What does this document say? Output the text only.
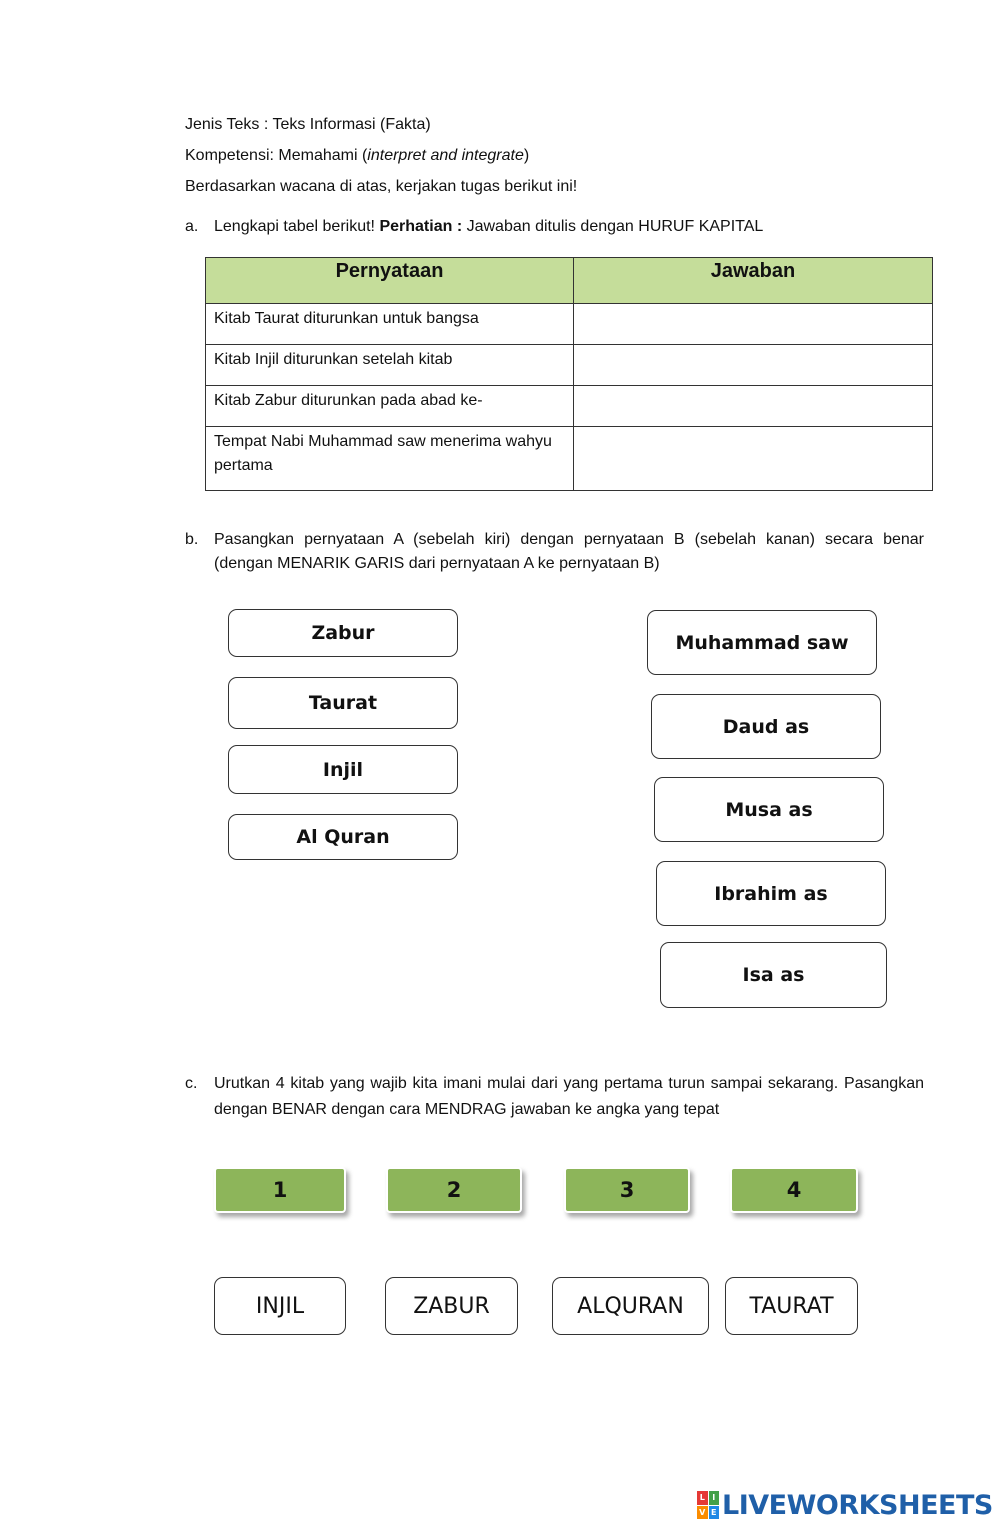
Jenis Teks : Teks Informasi (Fakta)
Kompetensi: Memahami (interpret and integrate)
Berdasarkan wacana di atas, kerjakan tugas berikut ini!
a. Lengkapi tabel berikut! Perhatian : Jawaban ditulis dengan HURUF KAPITAL
Pernyataan	Jawaban
Kitab Taurat diturunkan untuk bangsa	
Kitab Injil diturunkan setelah kitab	
Kitab Zabur diturunkan pada abad ke-	
Tempat Nabi Muhammad saw menerima wahyu pertama	
b. Pasangkan pernyataan A (sebelah kiri) dengan pernyataan B (sebelah kanan) secara benar (dengan MENARIK GARIS dari pernyataan A ke pernyataan B)
Zabur
Taurat
Injil
Al Quran
Muhammad saw
Daud as
Musa as
Ibrahim as
Isa as
c. Urutkan 4 kitab yang wajib kita imani mulai dari yang pertama turun sampai sekarang. Pasangkan dengan BENAR dengan cara MENDRAG jawaban ke angka yang tepat
1	2	3	4
INJIL	ZABUR	ALQURAN	TAURAT
L I
V E LIVEWORKSHEETS
